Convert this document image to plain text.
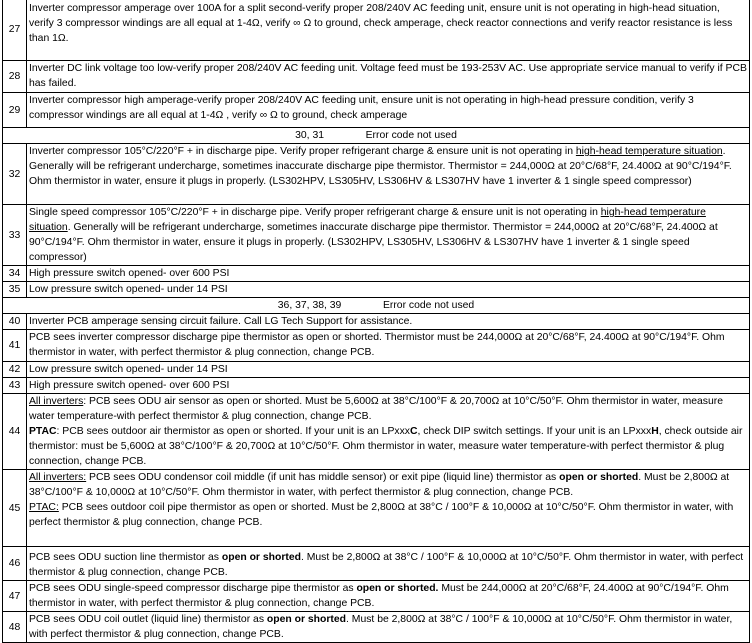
27	Inverter compressor amperage over 100A for a split second-verify proper 208/240V AC feeding unit, ensure unit is not operating in high-head situation, verify 3 compressor windings are all equal at 1-4Ω, verify ∞ Ω to ground, check amperage, check reactor connections and verify reactor resistance is less than 1Ω.
28	Inverter DC link voltage too low-verify proper 208/240V AC feeding unit. Voltage feed must be 193-253V AC. Use appropriate service manual to verify if PCB has failed.
29	Inverter compressor high amperage-verify proper 208/240V AC feeding unit, ensure unit is not operating in high-head pressure condition, verify 3 compressor windings are all equal at 1-4Ω , verify ∞ Ω to ground, check amperage
30, 31 Error code not used	
32	Inverter compressor 105°C/220°F + in discharge pipe. Verify proper refrigerant charge & ensure unit is not operating in high-head temperature situation. Generally will be refrigerant undercharge, sometimes inaccurate discharge pipe thermistor. Thermistor = 244,000Ω at 20°C/68°F, 24.400Ω at 90°C/194°F. Ohm thermistor in water, ensure it plugs in properly. (LS302HPV, LS305HV, LS306HV & LS307HV have 1 inverter & 1 single speed compressor)
33	Single speed compressor 105°C/220°F + in discharge pipe. Verify proper refrigerant charge & ensure unit is not operating in high-head temperature situation. Generally will be refrigerant undercharge, sometimes inaccurate discharge pipe thermistor. Thermistor = 244,000Ω at 20°C/68°F, 24.400Ω at 90°C/194°F. Ohm thermistor in water, ensure it plugs in properly. (LS302HPV, LS305HV, LS306HV & LS307HV have 1 inverter & 1 single speed compressor)
34	High pressure switch opened- over 600 PSI
35	Low pressure switch opened- under 14 PSI
36, 37, 38, 39 Error code not used	
40	Inverter PCB amperage sensing circuit failure. Call LG Tech Support for assistance.
41	PCB sees inverter compressor discharge pipe thermistor as open or shorted. Thermistor must be 244,000Ω at 20°C/68°F, 24.400Ω at 90°C/194°F. Ohm thermistor in water, with perfect thermistor & plug connection, change PCB.
42	Low pressure switch opened- under 14 PSI
43	High pressure switch opened- over 600 PSI
44	All inverters: PCB sees ODU air sensor as open or shorted. Must be 5,600Ω at 38°C/100°F & 20,700Ω at 10°C/50°F. Ohm thermistor in water, measure water temperature-with perfect thermistor & plug connection, change PCB.
PTAC: PCB sees outdoor air thermistor as open or shorted. If your unit is an LPxxxC, check DIP switch settings. If your unit is an LPxxxH, check outside air thermistor: must be 5,600Ω at 38°C/100°F & 20,700Ω at 10°C/50°F. Ohm thermistor in water, measure water temperature-with perfect thermistor & plug connection, change PCB.
45	All inverters: PCB sees ODU condensor coil middle (if unit has middle sensor) or exit pipe (liquid line) thermistor as open or shorted. Must be 2,800Ω at 38°C/100°F & 10,000Ω at 10°C/50°F. Ohm thermistor in water, with perfect thermistor & plug connection, change PCB.
PTAC: PCB sees outdoor coil pipe thermistor as open or shorted. Must be 2,800Ω at 38°C / 100°F & 10,000Ω at 10°C/50°F. Ohm thermistor in water, with perfect thermistor & plug connection, change PCB.
46	PCB sees ODU suction line thermistor as open or shorted. Must be 2,800Ω at 38°C / 100°F & 10,000Ω at 10°C/50°F. Ohm thermistor in water, with perfect thermistor & plug connection, change PCB.
47	PCB sees ODU single-speed compressor discharge pipe thermistor as open or shorted. Must be 244,000Ω at 20°C/68°F, 24.400Ω at 90°C/194°F. Ohm thermistor in water, with perfect thermistor & plug connection, change PCB.
48	PCB sees ODU coil outlet (liquid line) thermistor as open or shorted. Must be 2,800Ω at 38°C / 100°F & 10,000Ω at 10°C/50°F. Ohm thermistor in water, with perfect thermistor & plug connection, change PCB.
